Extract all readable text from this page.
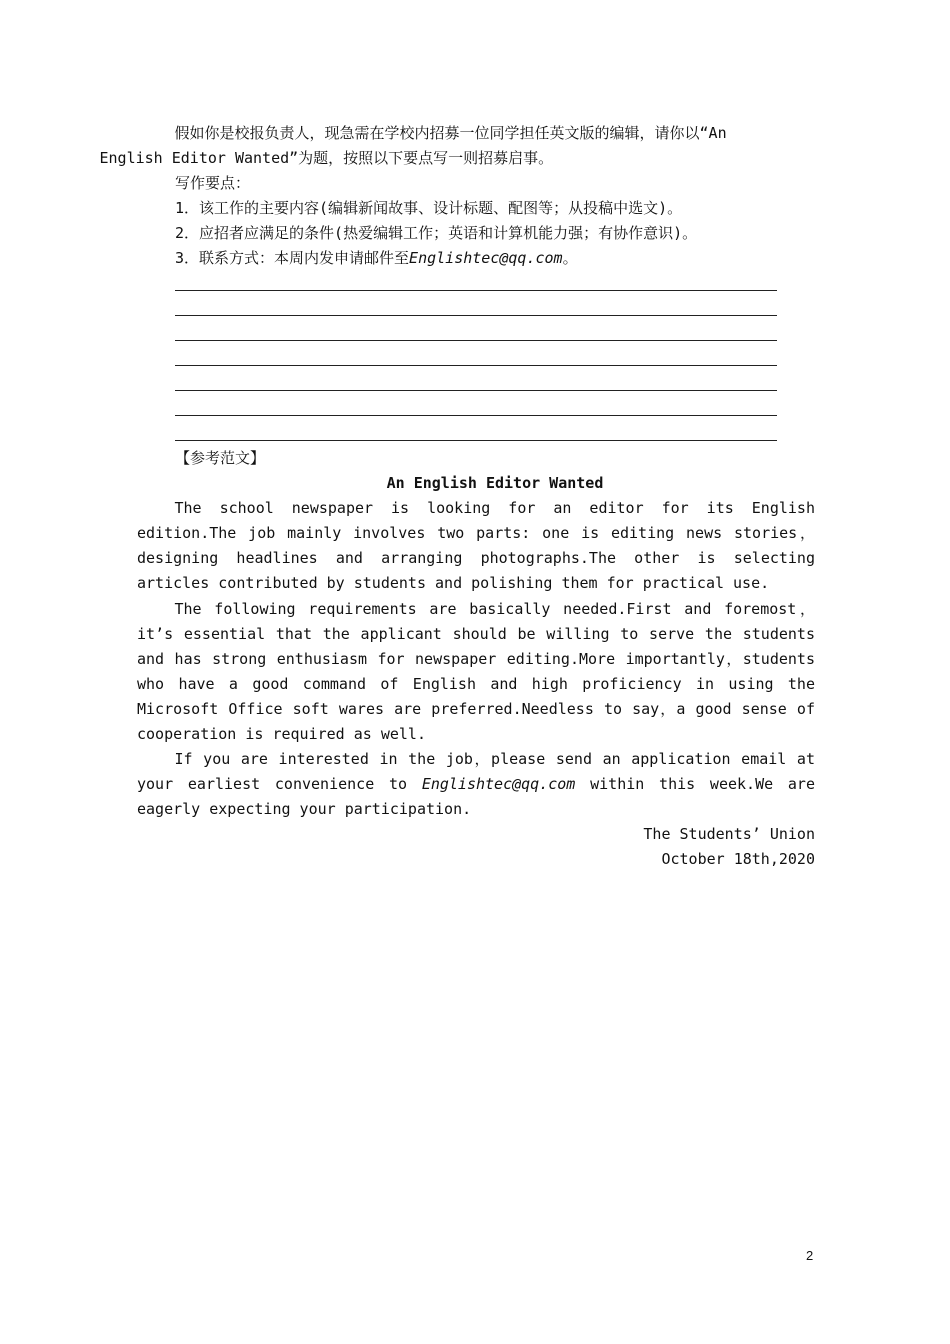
假如你是校报负责人，现急需在学校内招募一位同学担任英文版的编辑，请你以“An
English Editor Wanted”为题，按照以下要点写一则招募启事。

写作要点：

1．该工作的主要内容(编辑新闻故事、设计标题、配图等；从投稿中选文)。

2．应招者应满足的条件(热爱编辑工作；英语和计算机能力强；有协作意识)。

3．联系方式：本周内发申请邮件至Englishtec@qq.com。

【参考范文】

An English Editor Wanted

The school newspaper is looking for an editor for its English edition.The job mainly involves two parts: one is editing news stories，designing headlines and arranging photographs.The other is selecting articles contributed by students and polishing them for practical use.

The following requirements are basically needed.First and foremost，it’s essential that the applicant should be willing to serve the students and has strong enthusiasm for newspaper editing.More importantly，students who have a good command of English and high proficiency in using the Microsoft Office soft wares are preferred.Needless to say，a good sense of cooperation is required as well.

If you are interested in the job，please send an application email at your earliest convenience to Englishtec@qq.com within this week.We are eagerly expecting your participation.

The Students’ Union

October 18th,2020

2
